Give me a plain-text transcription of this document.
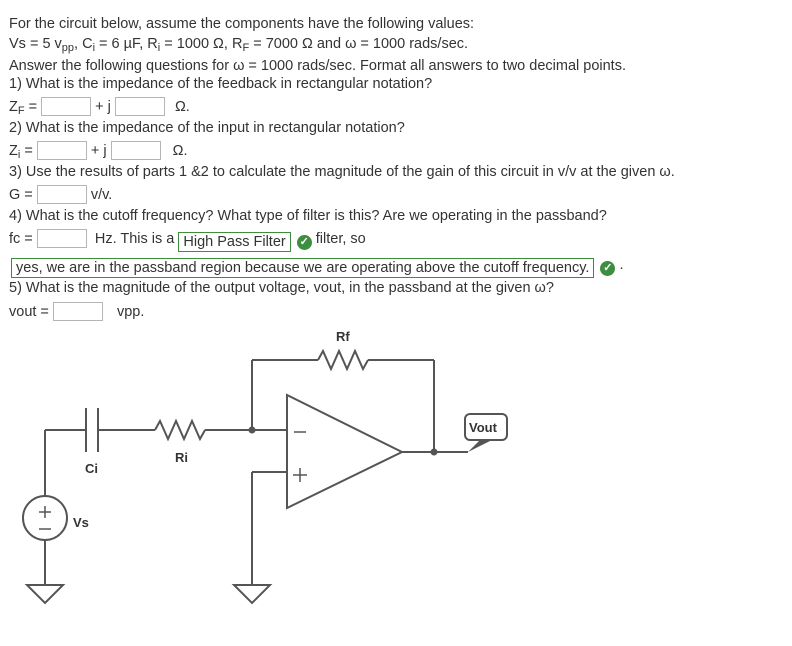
For the circuit below, assume the components have the following values:
Vs = 5 $v_{pp}$, $C_i = 6$ µF, $R_i = 1000$ Ω, $R_F = 7000$ Ω and ω = 1000 rads/sec.
Answer the following questions for ω = 1000 rads/sec. Format all answers to two decimal points.
1) What is the impedance of the feedback in rectangular notation?
$Z_F$ =	+ j	Ω.
2) What is the impedance of the input in rectangular notation?
$Z_i$ =	+ j	Ω.
3) Use the results of parts 1 &2 to calculate the magnitude of the gain of this circuit in v/v at the given ω.
G =	v/v.
4) What is the cutoff frequency? What type of filter is this? Are we operating in the passband?
fc =	Hz. This is a High Pass Filter ✓ filter, so
yes, we are in the passband region because we are operating above the cutoff frequency. ✓ .
5) What is the magnitude of the output voltage, vout, in the passband at the given ω?
vout =	vpp.
Rf
Ri
Ci
Vs
Vout
